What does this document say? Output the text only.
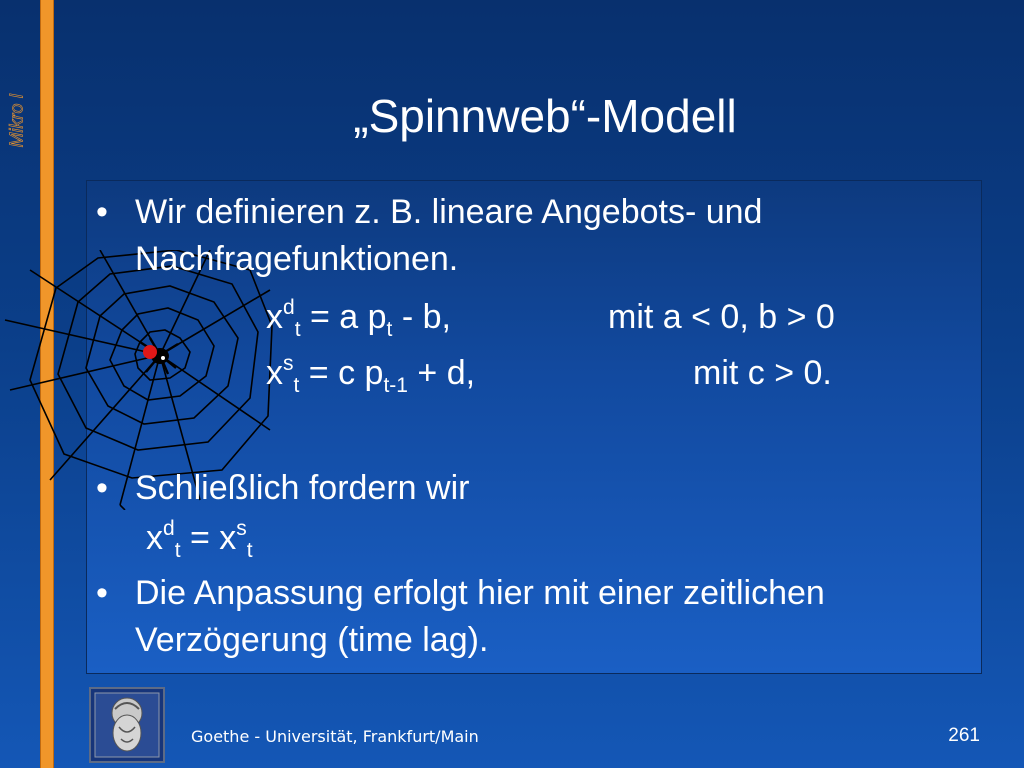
Mikro I	„Spinnweb“-Modell
• Wir definieren z. B. lineare Angebots- und
Nachfragefunktionen.
$x^d_t = a$ $p_t$ - b,	mit a < 0, b > 0
$x^s_t = c$ $p_{t-1} + d$,	mit c > 0.
• Schließlich fordern wir
$x^d_t = x^s_t$
• Die Anpassung erfolgt hier mit einer zeitlichen
Verzögerung (time lag).
Goethe - Universität, Frankfurt/Main	261
